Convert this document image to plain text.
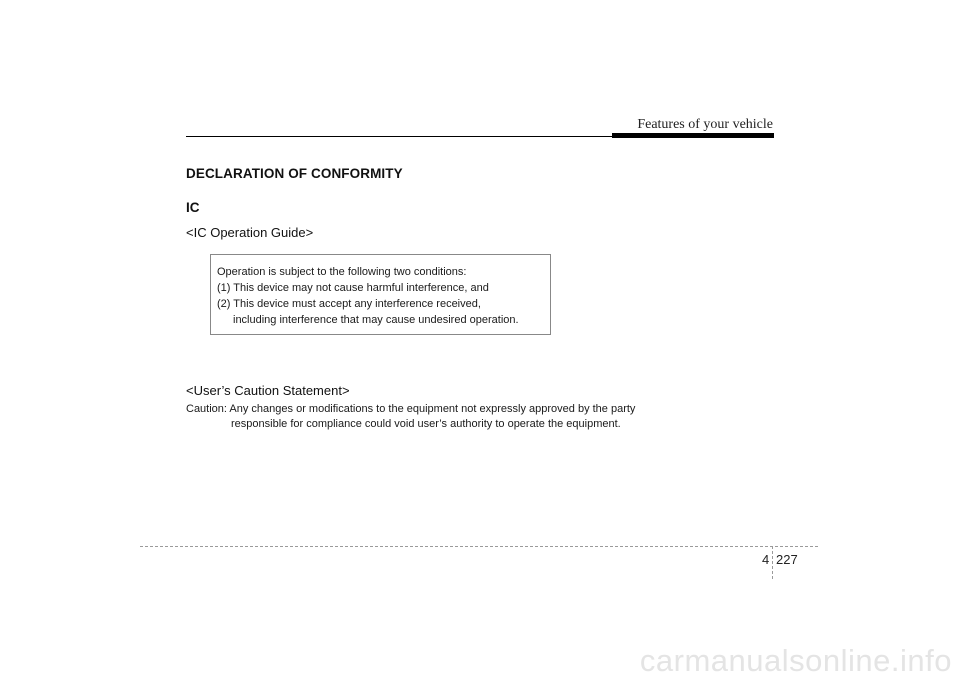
Features of your vehicle
DECLARATION OF CONFORMITY
IC
<IC Operation Guide>
Operation is subject to the following two conditions:
(1) This device may not cause harmful interference, and
(2) This device must accept any interference received,
including interference that may cause undesired operation.
<User’s Caution Statement>
Caution: Any changes or modifications to the equipment not expressly approved by the party
responsible for compliance could void user’s authority to operate the equipment.
4 227
carmanualsonline.info
